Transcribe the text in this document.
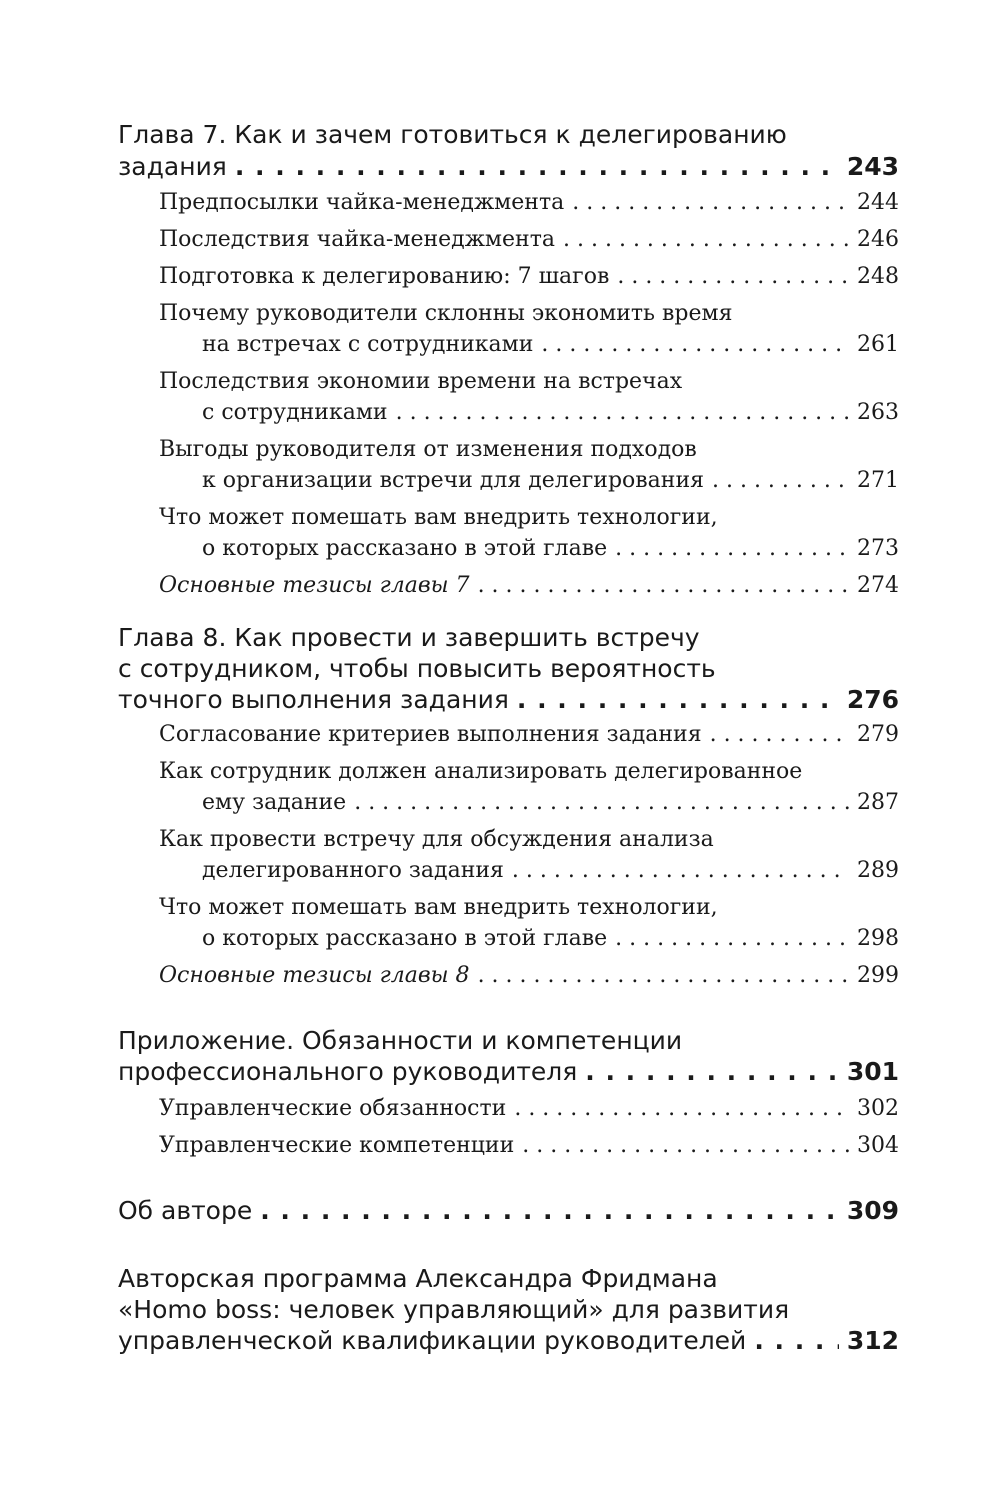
Глава 7. Как и зачем готовиться к делегированию
задания . . .	243
Предпосылки чайка-менеджмента . . .	244
Последствия чайка-менеджмента . . .	246
Подготовка к делегированию: 7 шагов . . .	248
Почему руководители склонны экономить время
на встречах с сотрудниками . . .	261
Последствия экономии времени на встречах
с сотрудниками . . .	263
Выгоды руководителя от изменения подходов
к организации встречи для делегирования . . .	271
Что может помешать вам внедрить технологии,
о которых рассказано в этой главе . . .	273
Основные тезисы главы 7 . . .	274
Глава 8. Как провести и завершить встречу
с сотрудником, чтобы повысить вероятность
точного выполнения задания . . .	276
Согласование критериев выполнения задания . . .	279
Как сотрудник должен анализировать делегированное
ему задание . . .	287
Как провести встречу для обсуждения анализа
делегированного задания . . .	289
Что может помешать вам внедрить технологии,
о которых рассказано в этой главе . . .	298
Основные тезисы главы 8 . . .	299
Приложение. Обязанности и компетенции
профессионального руководителя . . .	301
Управленческие обязанности . . .	302
Управленческие компетенции . . .	304
Об авторе . . .	309
Авторская программа Александра Фридмана
«Homo boss: человек управляющий» для развития
управленческой квалификации руководителей . . .	312
